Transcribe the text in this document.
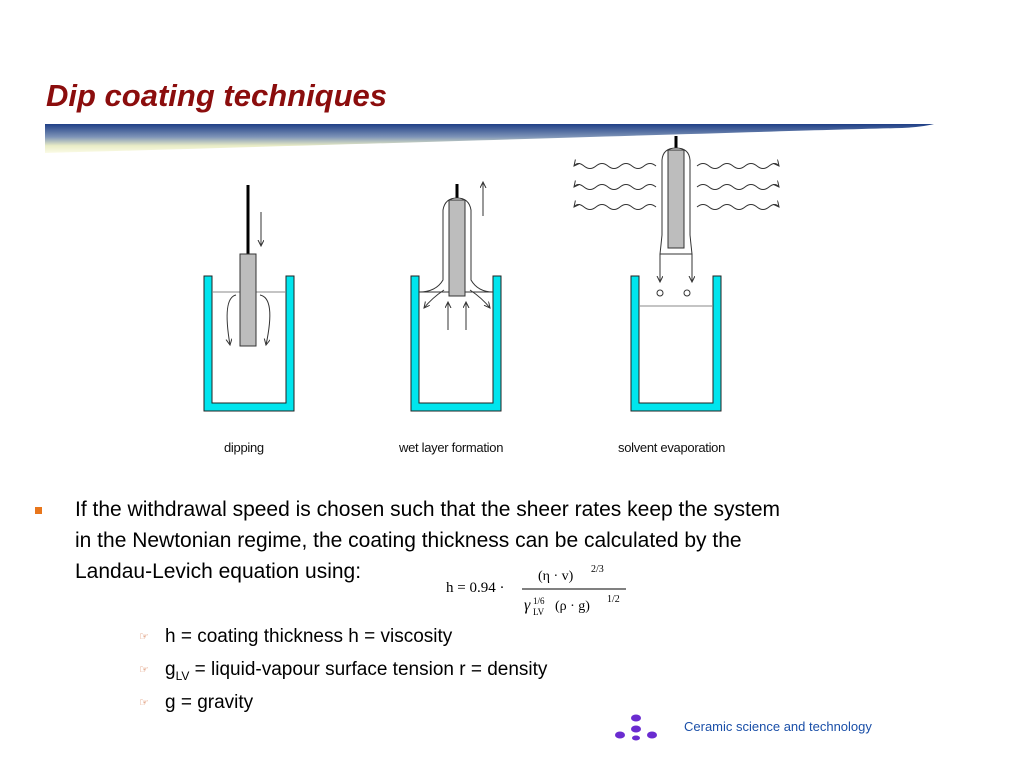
Dip coating techniques
dipping	wet layer formation	solvent evaporation
If the withdrawal speed is chosen such that the sheer rates keep the system
in the Newtonian regime, the coating thickness can be calculated by the
Landau-Levich equation using:
h = 0.94 ·
(η · v) 2/3
γ 1/6
LV (ρ · g) 1/2
☞ h = coating thickness h = viscosity
☞ $g_{LV}$ = liquid-vapour surface tension r = density
☞ g = gravity
Ceramic science and technology
